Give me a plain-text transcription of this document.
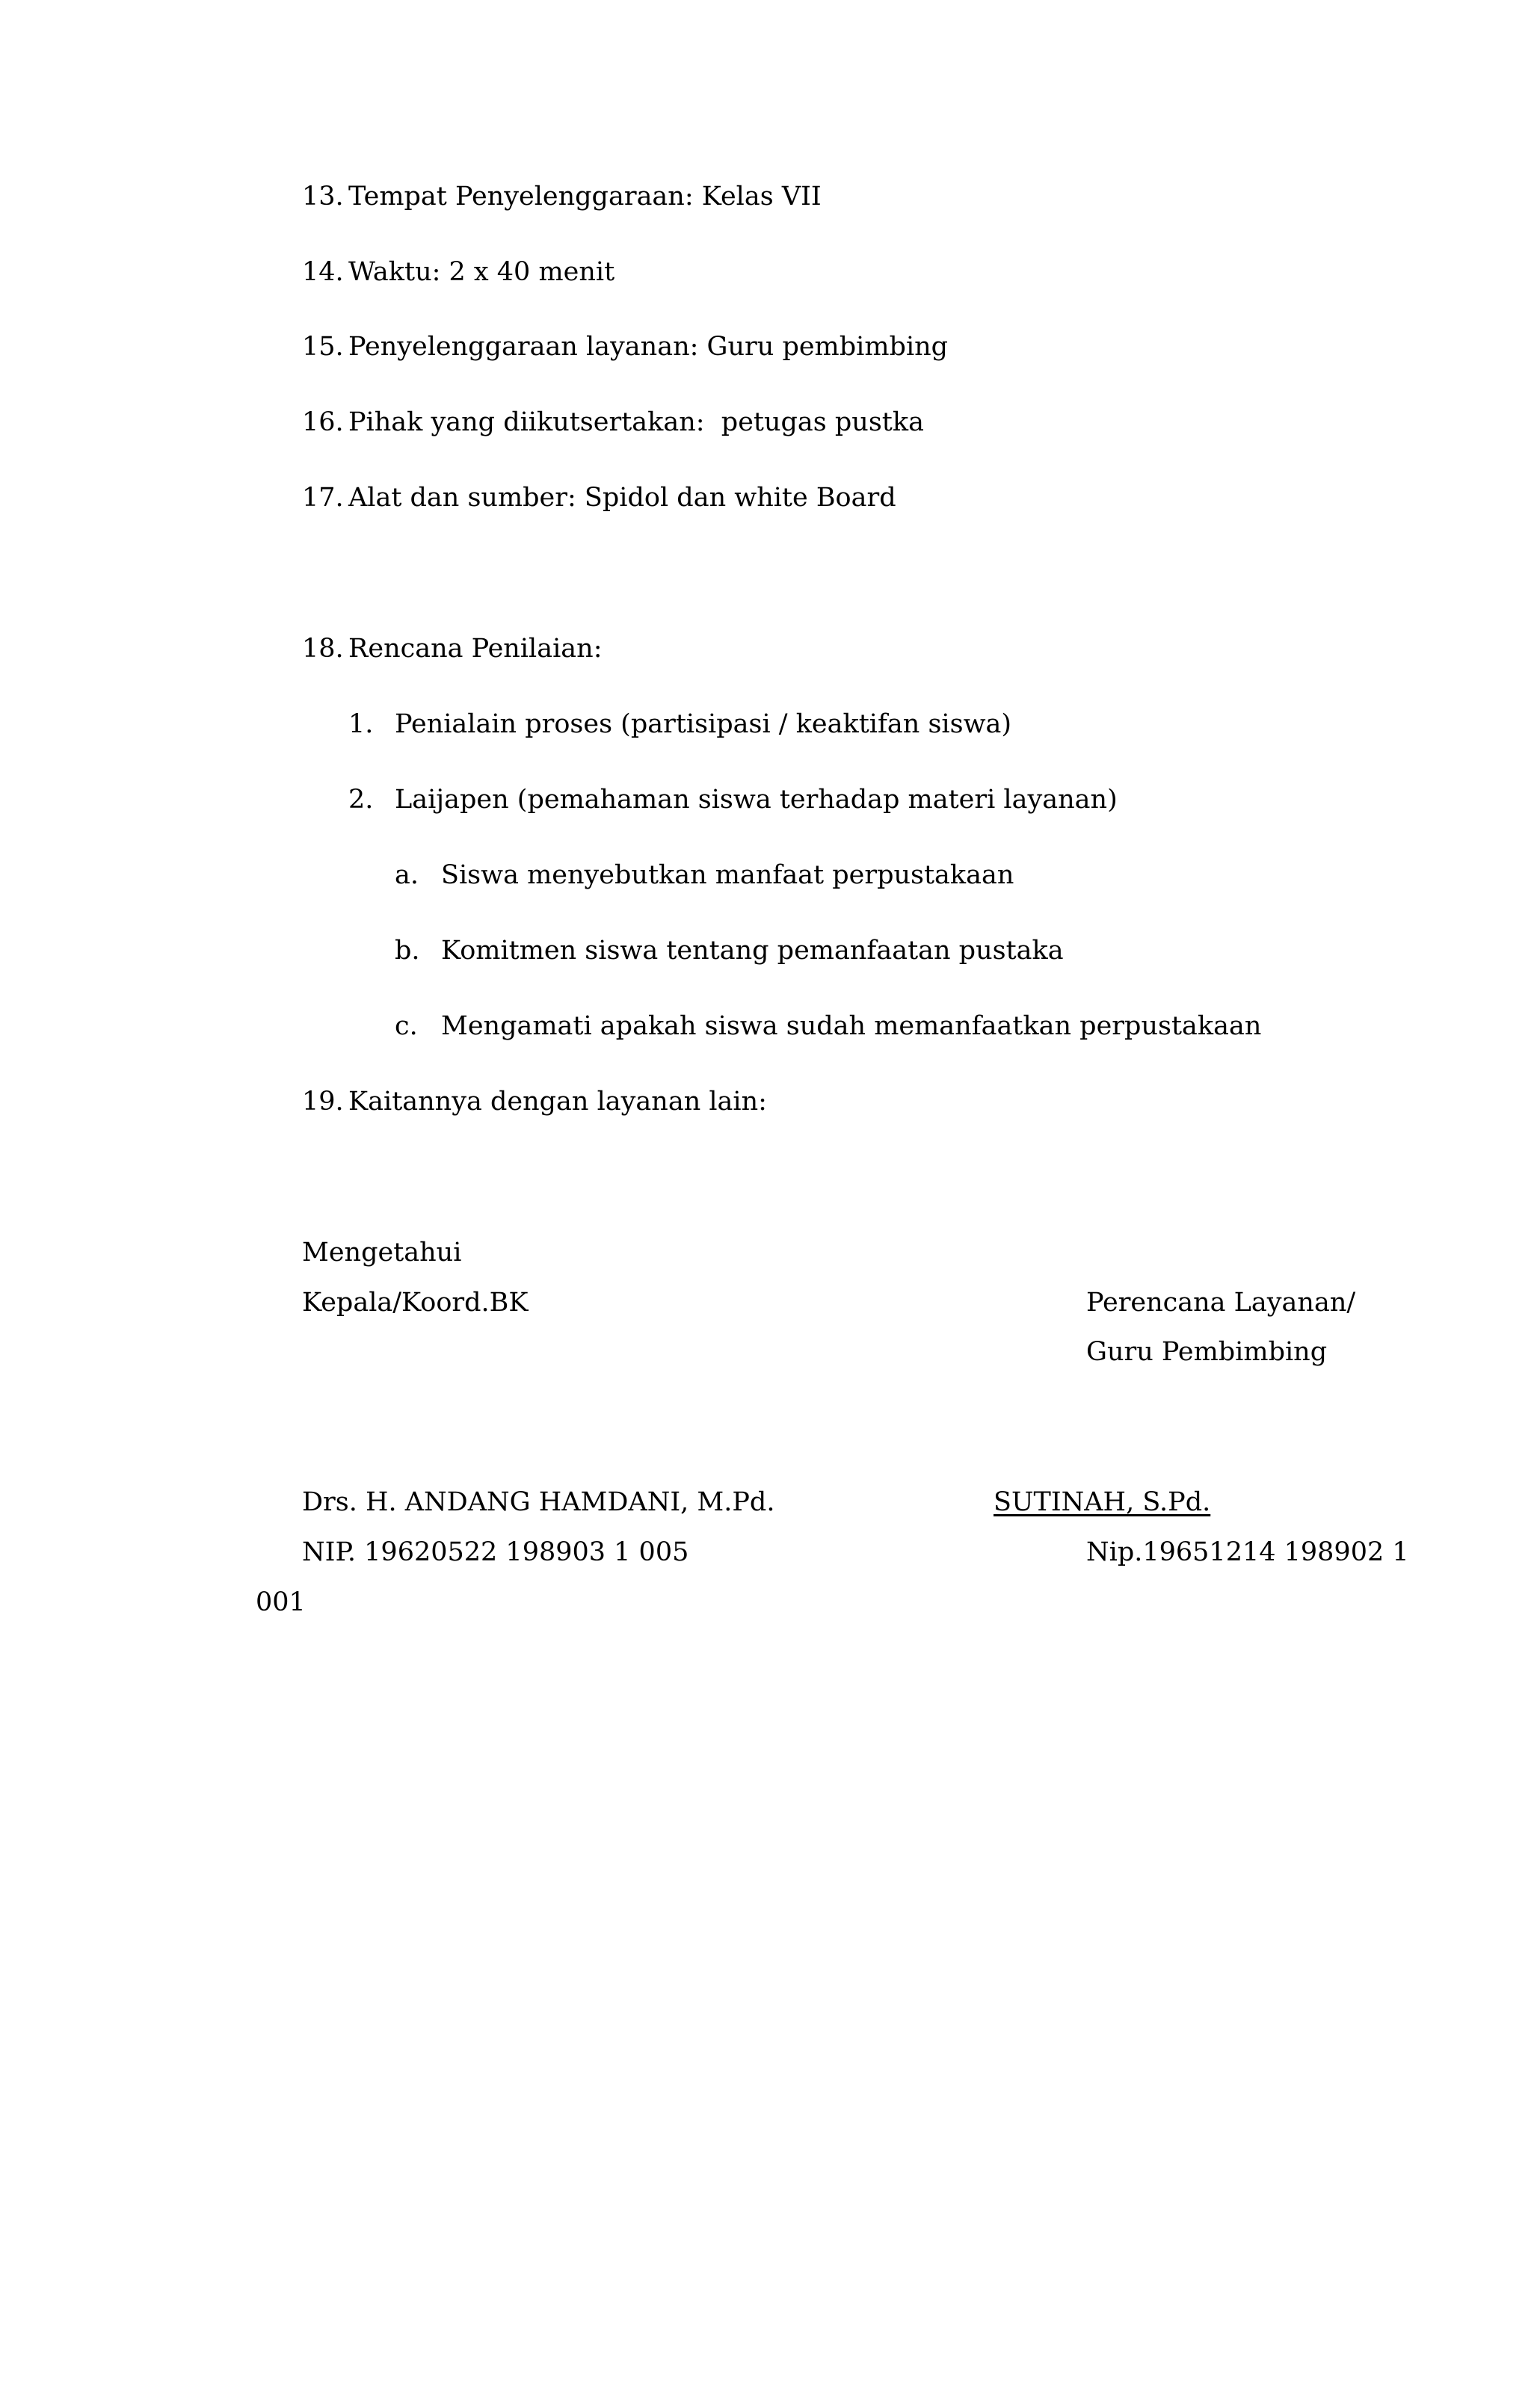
13. Tempat Penyelenggaraan: Kelas VII
14. Waktu: 2 x 40 menit
15. Penyelenggaraan layanan: Guru pembimbing
16. Pihak yang diikutsertakan:  petugas pustka
17. Alat dan sumber: Spidol dan white Board
18. Rencana Penilaian:
1. Penialain proses (partisipasi / keaktifan siswa)
2. Laijapen (pemahaman siswa terhadap materi layanan)
a. Siswa menyebutkan manfaat perpustakaan
b. Komitmen siswa tentang pemanfaatan pustaka
c. Mengamati apakah siswa sudah memanfaatkan perpustakaan
19. Kaitannya dengan layanan lain:
Mengetahui
Kepala/Koord.BK	Perencana Layanan/
Guru Pembimbing
Drs. H. ANDANG HAMDANI, M.Pd.	SUTINAH, S.Pd.
NIP. 19620522 198903 1 005	Nip.19651214 198902 1
001
